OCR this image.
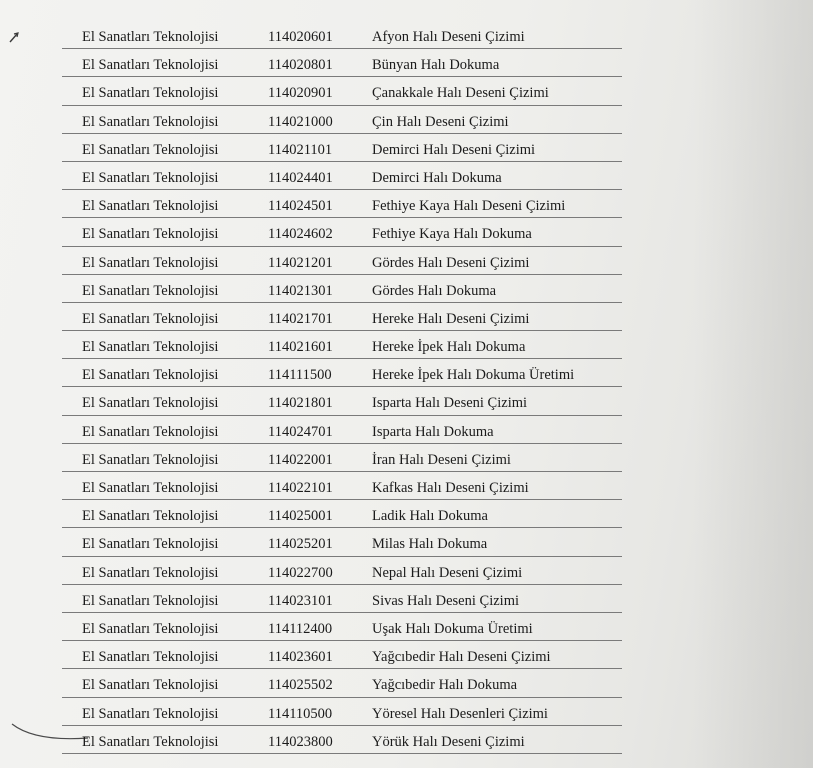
El Sanatları Teknolojisi	114020601	Afyon Halı Deseni Çizimi
El Sanatları Teknolojisi	114020801	Bünyan Halı Dokuma
El Sanatları Teknolojisi	114020901	Çanakkale Halı Deseni Çizimi
El Sanatları Teknolojisi	114021000	Çin Halı Deseni Çizimi
El Sanatları Teknolojisi	114021101	Demirci Halı Deseni Çizimi
El Sanatları Teknolojisi	114024401	Demirci Halı Dokuma
El Sanatları Teknolojisi	114024501	Fethiye Kaya Halı Deseni Çizimi
El Sanatları Teknolojisi	114024602	Fethiye Kaya Halı Dokuma
El Sanatları Teknolojisi	114021201	Gördes Halı Deseni Çizimi
El Sanatları Teknolojisi	114021301	Gördes Halı Dokuma
El Sanatları Teknolojisi	114021701	Hereke Halı Deseni Çizimi
El Sanatları Teknolojisi	114021601	Hereke İpek Halı Dokuma
El Sanatları Teknolojisi	114111500	Hereke İpek Halı Dokuma Üretimi
El Sanatları Teknolojisi	114021801	Isparta Halı Deseni Çizimi
El Sanatları Teknolojisi	114024701	Isparta Halı Dokuma
El Sanatları Teknolojisi	114022001	İran Halı Deseni Çizimi
El Sanatları Teknolojisi	114022101	Kafkas Halı Deseni Çizimi
El Sanatları Teknolojisi	114025001	Ladik Halı Dokuma
El Sanatları Teknolojisi	114025201	Milas Halı Dokuma
El Sanatları Teknolojisi	114022700	Nepal Halı Deseni Çizimi
El Sanatları Teknolojisi	114023101	Sivas Halı Deseni Çizimi
El Sanatları Teknolojisi	114112400	Uşak Halı Dokuma Üretimi
El Sanatları Teknolojisi	114023601	Yağcıbedir Halı Deseni Çizimi
El Sanatları Teknolojisi	114025502	Yağcıbedir Halı Dokuma
El Sanatları Teknolojisi	114110500	Yöresel Halı Desenleri Çizimi
El Sanatları Teknolojisi	114023800	Yörük Halı Deseni Çizimi
